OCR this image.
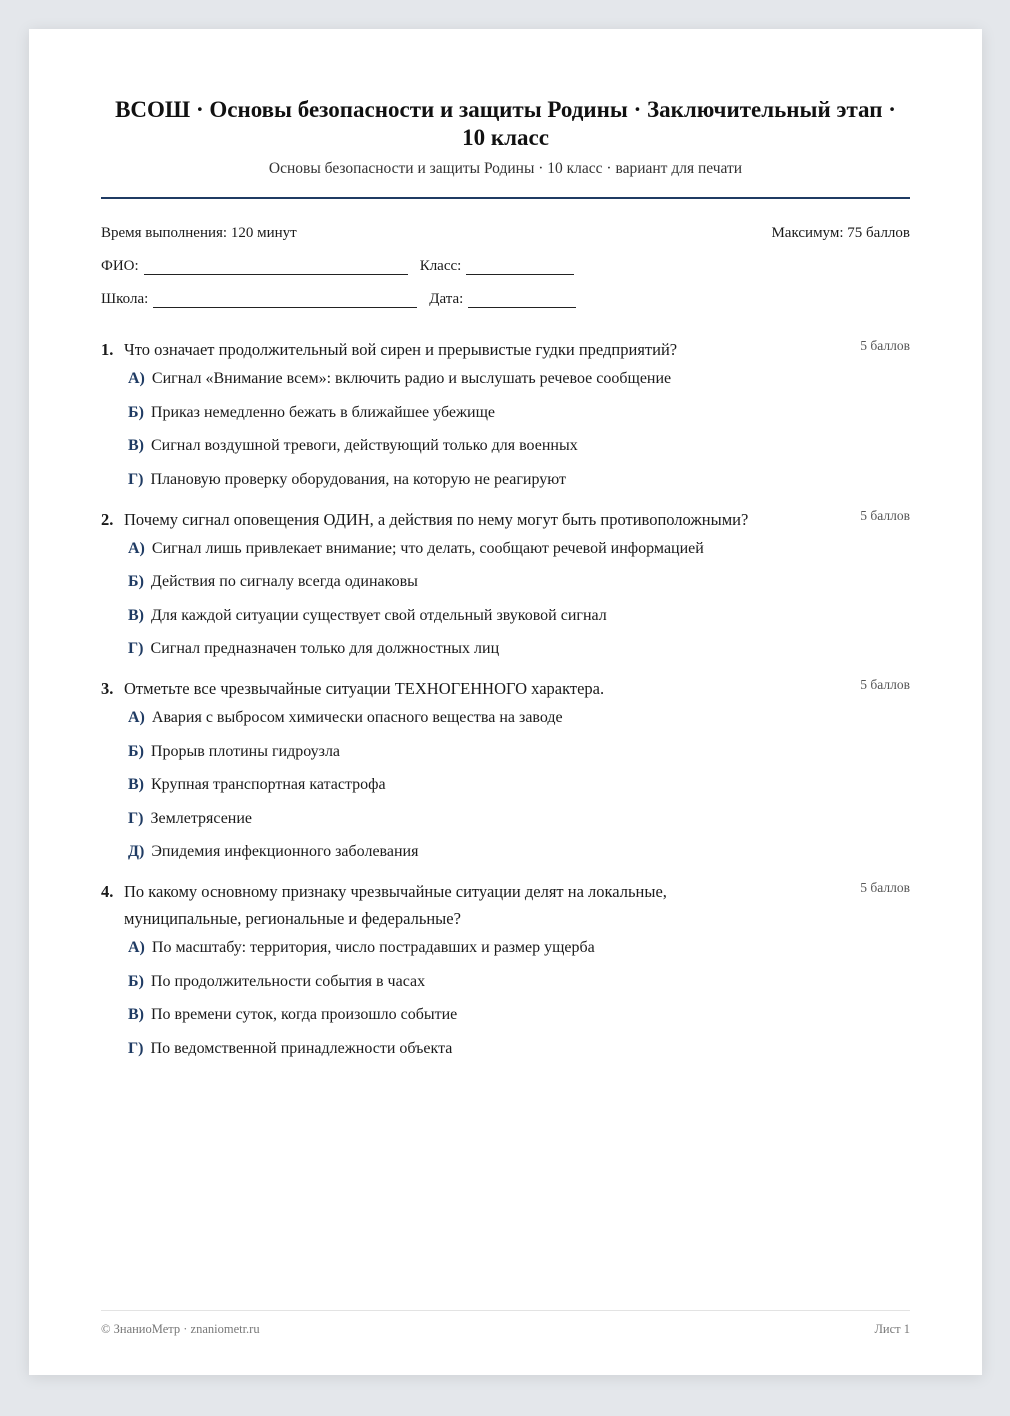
ВСОШ · Основы безопасности и защиты Родины · Заключительный этап · 10 класс
Основы безопасности и защиты Родины · 10 класс · вариант для печати
Время выполнения: 120 минут	Максимум: 75 баллов
ФИО:	Класс:
Школа:	Дата:
1. Что означает продолжительный вой сирен и прерывистые гудки предприятий?	5 баллов
А) Сигнал «Внимание всем»: включить радио и выслушать речевое сообщение
Б) Приказ немедленно бежать в ближайшее убежище
В) Сигнал воздушной тревоги, действующий только для военных
Г) Плановую проверку оборудования, на которую не реагируют
2. Почему сигнал оповещения ОДИН, а действия по нему могут быть противоположными?	5 баллов
А) Сигнал лишь привлекает внимание; что делать, сообщают речевой информацией
Б) Действия по сигналу всегда одинаковы
В) Для каждой ситуации существует свой отдельный звуковой сигнал
Г) Сигнал предназначен только для должностных лиц
3. Отметьте все чрезвычайные ситуации ТЕХНОГЕННОГО характера.	5 баллов
А) Авария с выбросом химически опасного вещества на заводе
Б) Прорыв плотины гидроузла
В) Крупная транспортная катастрофа
Г) Землетрясение
Д) Эпидемия инфекционного заболевания
4. По какому основному признаку чрезвычайные ситуации делят на локальные, муниципальные, региональные и федеральные?
5 баллов
А) По масштабу: территория, число пострадавших и размер ущерба
Б) По продолжительности события в часах
В) По времени суток, когда произошло событие
Г) По ведомственной принадлежности объекта
© ЗнаниоМетр · znaniometr.ru	Лист 1
